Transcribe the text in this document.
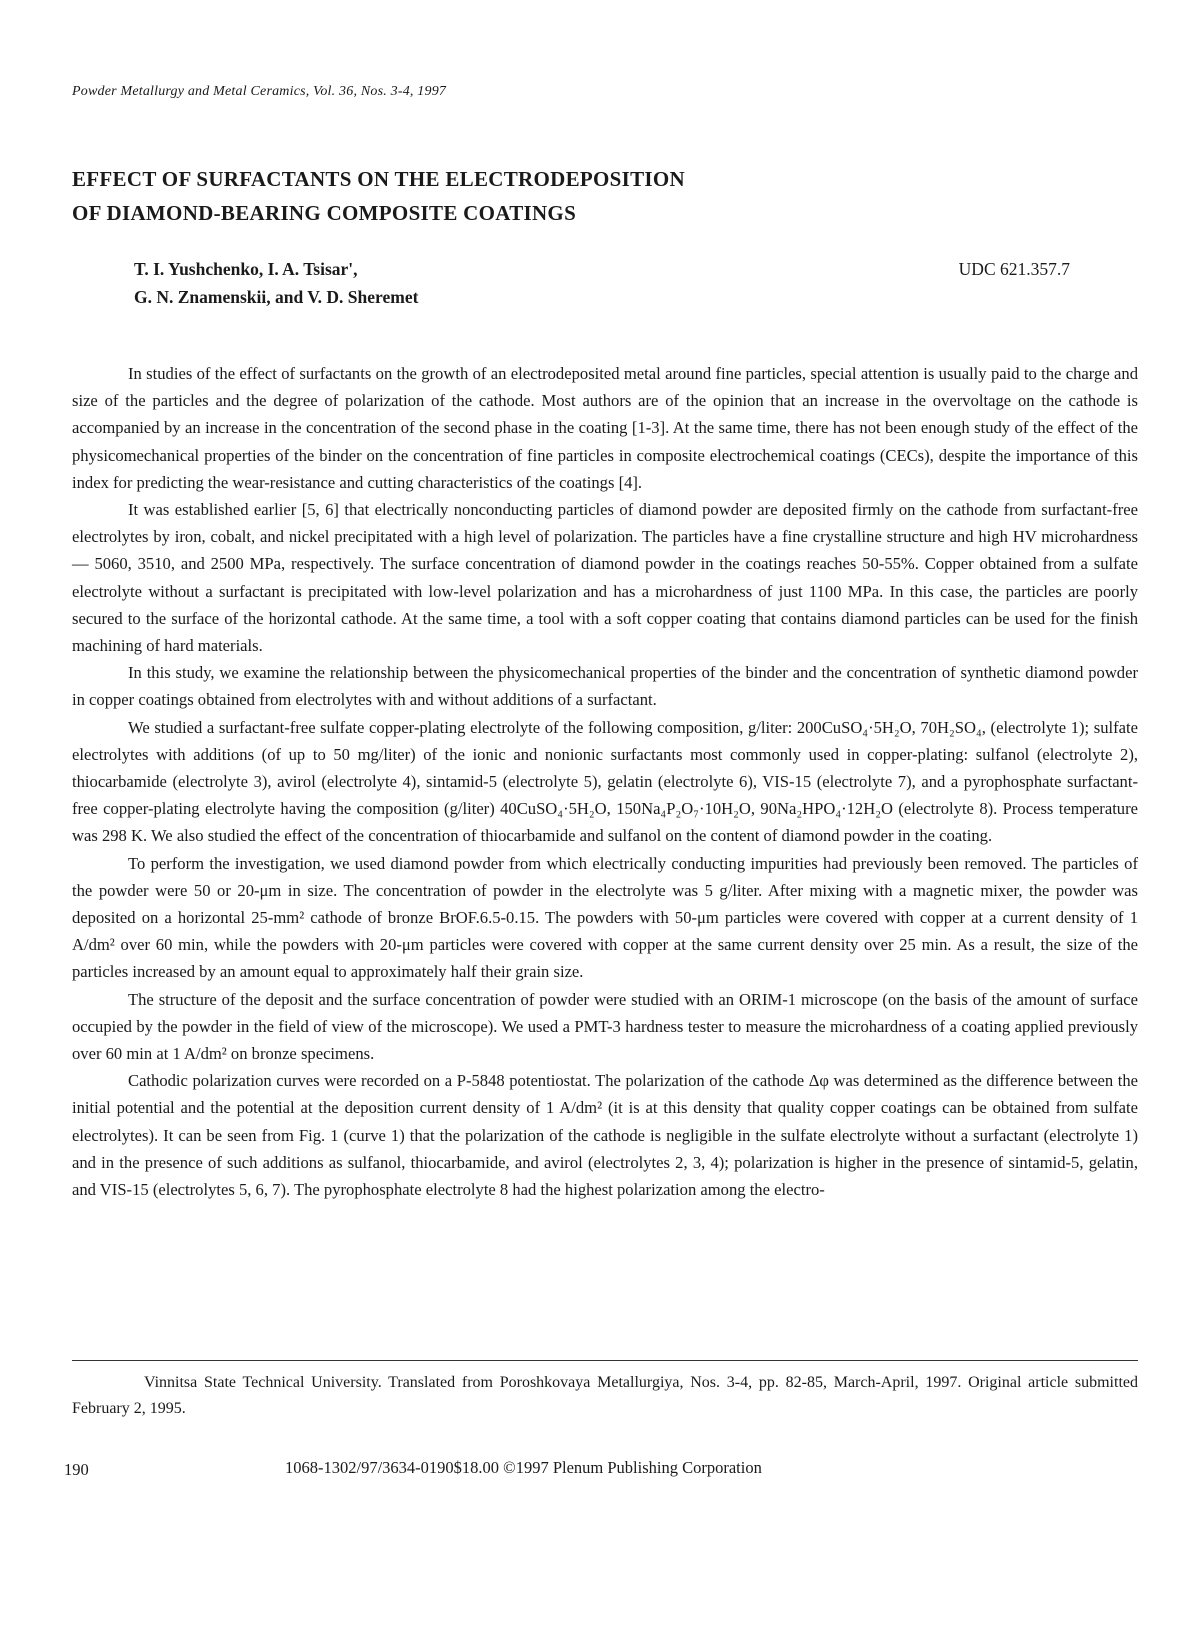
Powder Metallurgy and Metal Ceramics, Vol. 36, Nos. 3-4, 1997
EFFECT OF SURFACTANTS ON THE ELECTRODEPOSITION
OF DIAMOND-BEARING COMPOSITE COATINGS
T. I. Yushchenko, I. A. Tsisar',
G. N. Znamenskii, and V. D. Sheremet
UDC 621.357.7

In studies of the effect of surfactants on the growth of an electrodeposited metal around fine particles, special attention is usually paid to the charge and size of the particles and the degree of polarization of the cathode. Most authors are of the opinion that an increase in the overvoltage on the cathode is accompanied by an increase in the concentration of the second phase in the coating [1-3]. At the same time, there has not been enough study of the effect of the physicomechanical properties of the binder on the concentration of fine particles in composite electrochemical coatings (CECs), despite the importance of this index for predicting the wear-resistance and cutting characteristics of the coatings [4].

It was established earlier [5, 6] that electrically nonconducting particles of diamond powder are deposited firmly on the cathode from surfactant-free electrolytes by iron, cobalt, and nickel precipitated with a high level of polarization. The particles have a fine crystalline structure and high HV microhardness — 5060, 3510, and 2500 MPa, respectively. The surface concentration of diamond powder in the coatings reaches 50-55%. Copper obtained from a sulfate electrolyte without a surfactant is precipitated with low-level polarization and has a microhardness of just 1100 MPa. In this case, the particles are poorly secured to the surface of the horizontal cathode. At the same time, a tool with a soft copper coating that contains diamond particles can be used for the finish machining of hard materials.

In this study, we examine the relationship between the physicomechanical properties of the binder and the concentration of synthetic diamond powder in copper coatings obtained from electrolytes with and without additions of a surfactant.

We studied a surfactant-free sulfate copper-plating electrolyte of the following composition, g/liter: 200CuSO₄·5H₂O, 70H₂SO₄, (electrolyte 1); sulfate electrolytes with additions (of up to 50 mg/liter) of the ionic and nonionic surfactants most commonly used in copper-plating: sulfanol (electrolyte 2), thiocarbamide (electrolyte 3), avirol (electrolyte 4), sintamid-5 (electrolyte 5), gelatin (electrolyte 6), VIS-15 (electrolyte 7), and a pyrophosphate surfactant-free copper-plating electrolyte having the composition (g/liter) 40CuSO₄·5H₂O, 150Na₄P₂O₇·10H₂O, 90Na₂HPO₄·12H₂O (electrolyte 8). Process temperature was 298 K. We also studied the effect of the concentration of thiocarbamide and sulfanol on the content of diamond powder in the coating.

To perform the investigation, we used diamond powder from which electrically conducting impurities had previously been removed. The particles of the powder were 50 or 20-μm in size. The concentration of powder in the electrolyte was 5 g/liter. After mixing with a magnetic mixer, the powder was deposited on a horizontal 25-mm² cathode of bronze BrOF.6.5-0.15. The powders with 50-μm particles were covered with copper at a current density of 1 A/dm² over 60 min, while the powders with 20-μm particles were covered with copper at the same current density over 25 min. As a result, the size of the particles increased by an amount equal to approximately half their grain size.

The structure of the deposit and the surface concentration of powder were studied with an ORIM-1 microscope (on the basis of the amount of surface occupied by the powder in the field of view of the microscope). We used a PMT-3 hardness tester to measure the microhardness of a coating applied previously over 60 min at 1 A/dm² on bronze specimens.

Cathodic polarization curves were recorded on a P-5848 potentiostat. The polarization of the cathode Δφ was determined as the difference between the initial potential and the potential at the deposition current density of 1 A/dm² (it is at this density that quality copper coatings can be obtained from sulfate electrolytes). It can be seen from Fig. 1 (curve 1) that the polarization of the cathode is negligible in the sulfate electrolyte without a surfactant (electrolyte 1) and in the presence of such additions as sulfanol, thiocarbamide, and avirol (electrolytes 2, 3, 4); polarization is higher in the presence of sintamid-5, gelatin, and VIS-15 (electrolytes 5, 6, 7). The pyrophosphate electrolyte 8 had the highest polarization among the electro-

Vinnitsa State Technical University. Translated from Poroshkovaya Metallurgiya, Nos. 3-4, pp. 82-85, March-April, 1997. Original article submitted February 2, 1995.

190	1068-1302/97/3634-0190$18.00 ©1997 Plenum Publishing Corporation
